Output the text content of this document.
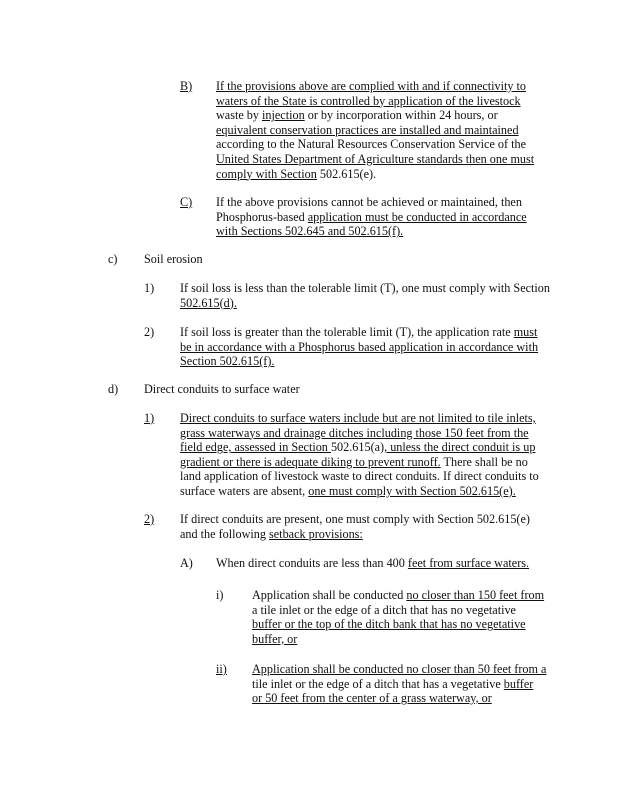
B) If the provisions above are complied with and if connectivity to
waters of the State is controlled by application of the livestock
waste by injection or by incorporation within 24 hours, or
equivalent conservation practices are installed and maintained
according to the Natural Resources Conservation Service of the
United States Department of Agriculture standards then one must
comply with Section 502.615(e).
C) If the above provisions cannot be achieved or maintained, then
Phosphorus-based application must be conducted in accordance
with Sections 502.645 and 502.615(f).
c) Soil erosion
1) If soil loss is less than the tolerable limit (T), one must comply with Section
502.615(d).
2) If soil loss is greater than the tolerable limit (T), the application rate must
be in accordance with a Phosphorus based application in accordance with
Section 502.615(f).
d) Direct conduits to surface water
1) Direct conduits to surface waters include but are not limited to tile inlets,
grass waterways and drainage ditches including those 150 feet from the
field edge, assessed in Section 502.615(a), unless the direct conduit is up
gradient or there is adequate diking to prevent runoff. There shall be no
land application of livestock waste to direct conduits. If direct conduits to
surface waters are absent, one must comply with Section 502.615(e).
2) If direct conduits are present, one must comply with Section 502.615(e)
and the following setback provisions:
A) When direct conduits are less than 400 feet from surface waters.
i) Application shall be conducted no closer than 150 feet from
a tile inlet or the edge of a ditch that has no vegetative
buffer or the top of the ditch bank that has no vegetative
buffer, or
ii) Application shall be conducted no closer than 50 feet from a
tile inlet or the edge of a ditch that has a vegetative buffer
or 50 feet from the center of a grass waterway, or
